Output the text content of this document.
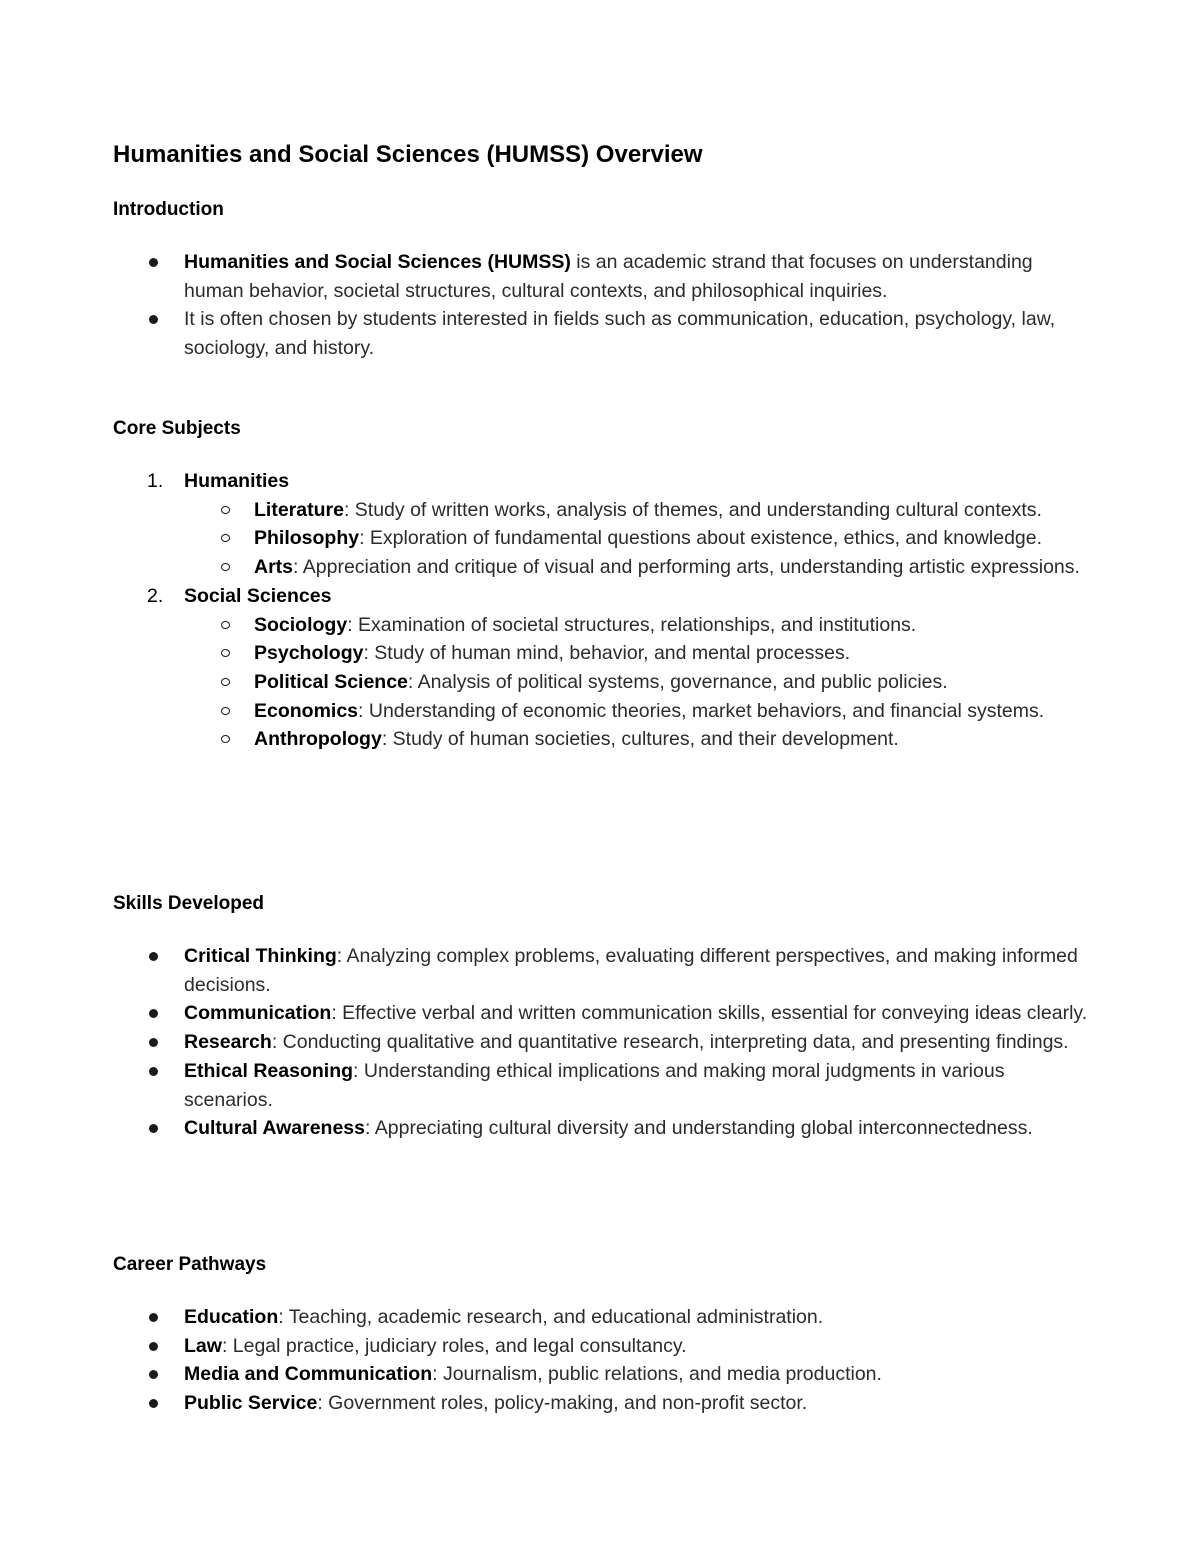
Humanities and Social Sciences (HUMSS) Overview
Introduction
Humanities and Social Sciences (HUMSS) is an academic strand that focuses on understanding human behavior, societal structures, cultural contexts, and philosophical inquiries.
It is often chosen by students interested in fields such as communication, education, psychology, law, sociology, and history.
Core Subjects
1. Humanities
Literature: Study of written works, analysis of themes, and understanding cultural contexts.
Philosophy: Exploration of fundamental questions about existence, ethics, and knowledge.
Arts: Appreciation and critique of visual and performing arts, understanding artistic expressions.
2. Social Sciences
Sociology: Examination of societal structures, relationships, and institutions.
Psychology: Study of human mind, behavior, and mental processes.
Political Science: Analysis of political systems, governance, and public policies.
Economics: Understanding of economic theories, market behaviors, and financial systems.
Anthropology: Study of human societies, cultures, and their development.
Skills Developed
Critical Thinking: Analyzing complex problems, evaluating different perspectives, and making informed decisions.
Communication: Effective verbal and written communication skills, essential for conveying ideas clearly.
Research: Conducting qualitative and quantitative research, interpreting data, and presenting findings.
Ethical Reasoning: Understanding ethical implications and making moral judgments in various scenarios.
Cultural Awareness: Appreciating cultural diversity and understanding global interconnectedness.
Career Pathways
Education: Teaching, academic research, and educational administration.
Law: Legal practice, judiciary roles, and legal consultancy.
Media and Communication: Journalism, public relations, and media production.
Public Service: Government roles, policy-making, and non-profit sector.
